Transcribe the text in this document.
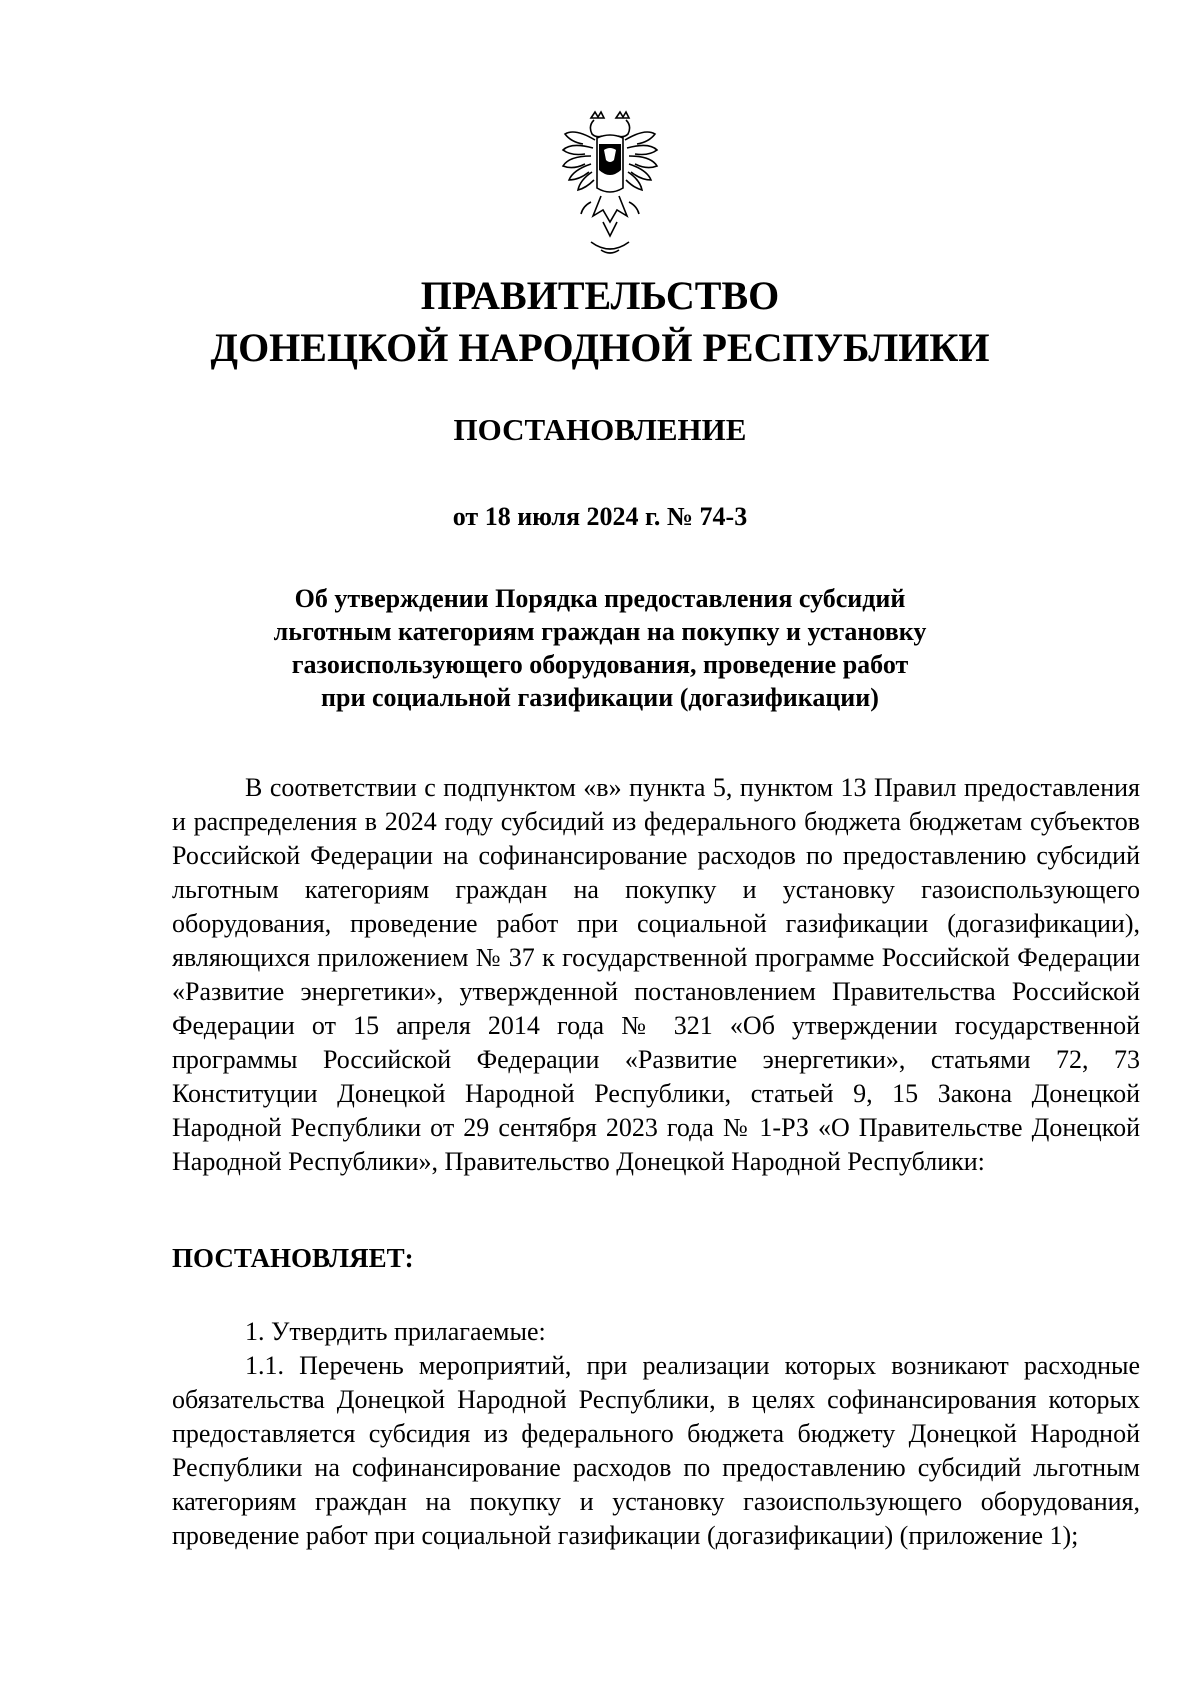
ПРАВИТЕЛЬСТВО
ДОНЕЦКОЙ НАРОДНОЙ РЕСПУБЛИКИ
ПОСТАНОВЛЕНИЕ
от 18 июля 2024 г. № 74-3
Об утверждении Порядка предоставления субсидий
льготным категориям граждан на покупку и установку
газоиспользующего оборудования, проведение работ
при социальной газификации (догазификации)
В соответствии с подпунктом «в» пункта 5, пунктом 13 Правил предоставления и распределения в 2024 году субсидий из федерального бюджета бюджетам субъектов Российской Федерации на софинансирование расходов по предоставлению субсидий льготным категориям граждан на покупку и установку газоиспользующего оборудования, проведение работ при социальной газификации (догазификации), являющихся приложением № 37 к государственной программе Российской Федерации «Развитие энергетики», утвержденной постановлением Правительства Российской Федерации от 15 апреля 2014 года № 321 «Об утверждении государственной программы Российской Федерации «Развитие энергетики», статьями 72, 73 Конституции Донецкой Народной Республики, статьей 9, 15 Закона Донецкой Народной Республики от 29 сентября 2023 года № 1-РЗ «О Правительстве Донецкой Народной Республики», Правительство Донецкой Народной Республики:
ПОСТАНОВЛЯЕТ:

1. Утвердить прилагаемые:

1.1. Перечень мероприятий, при реализации которых возникают расходные обязательства Донецкой Народной Республики, в целях софинансирования которых предоставляется субсидия из федерального бюджета бюджету Донецкой Народной Республики на софинансирование расходов по предоставлению субсидий льготным категориям граждан на покупку и установку газоиспользующего оборудования, проведение работ при социальной газификации (догазификации) (приложение 1);
